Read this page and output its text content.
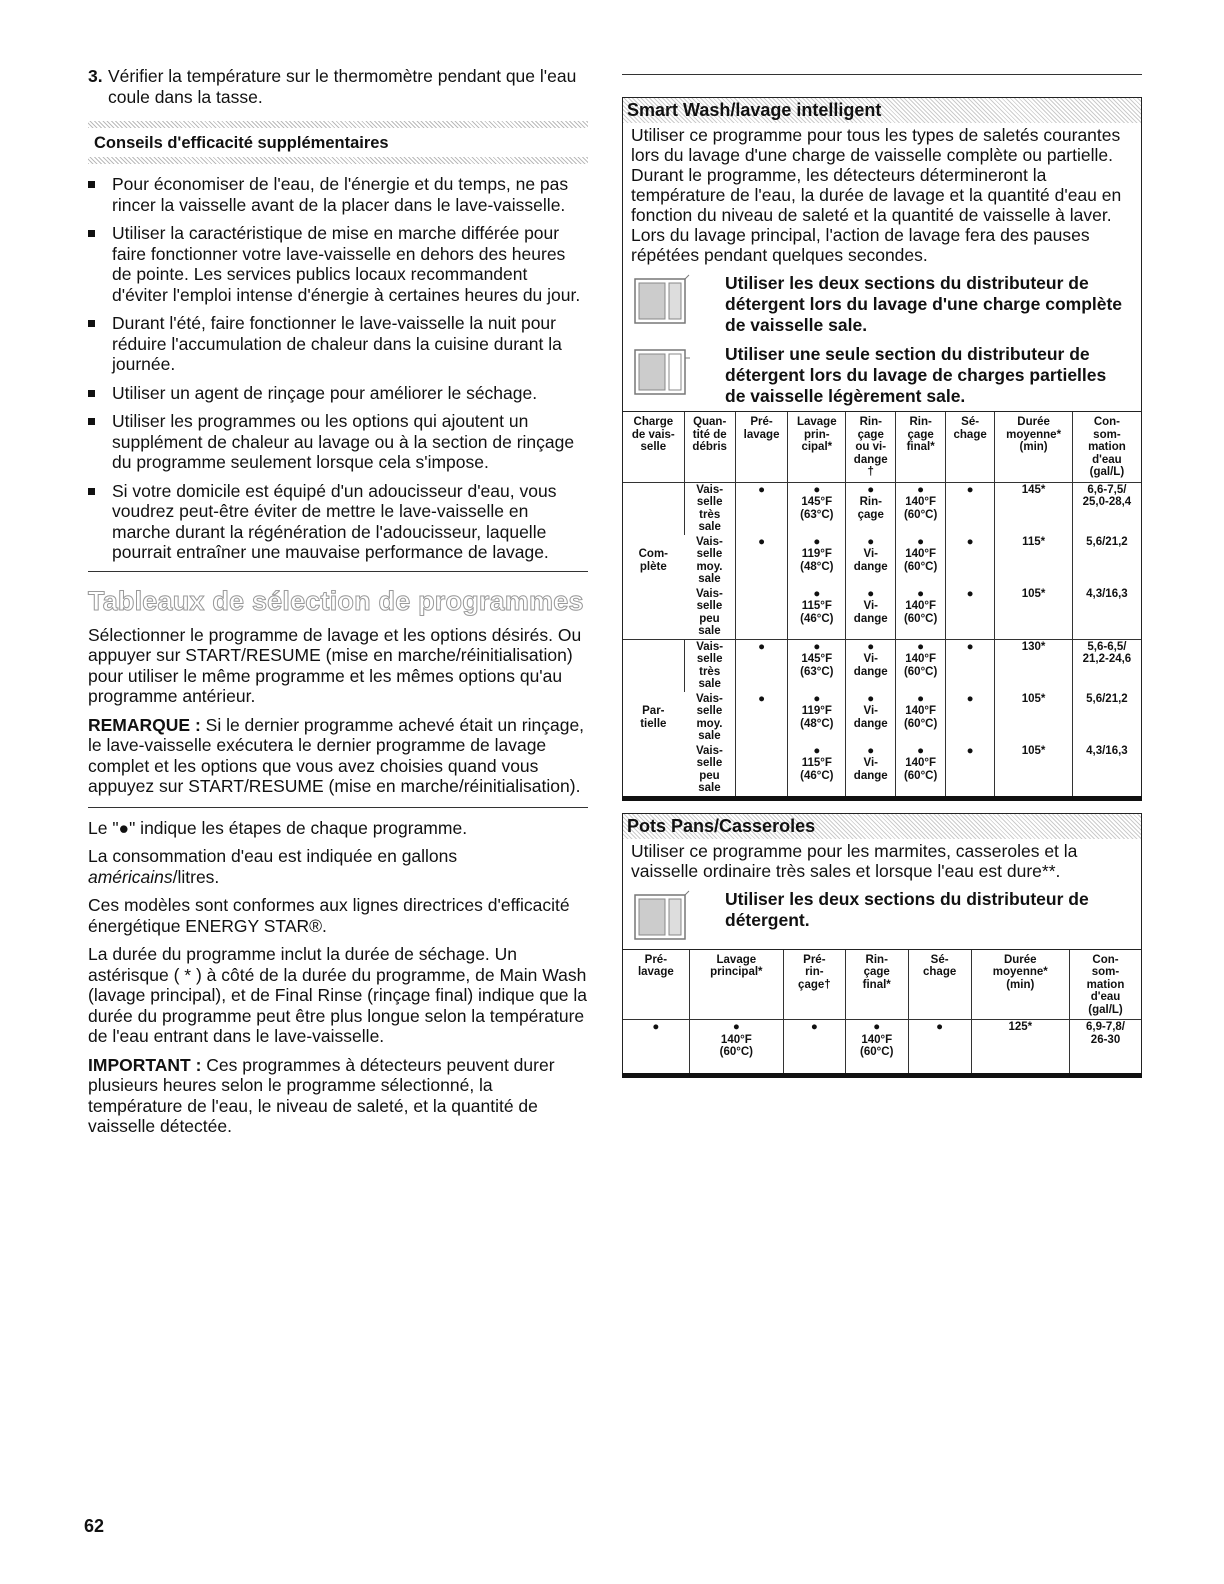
3. Vérifier la température sur le thermomètre pendant que l'eau coule dans la tasse.
Conseils d'efficacité supplémentaires
Pour économiser de l'eau, de l'énergie et du temps, ne pas rincer la vaisselle avant de la placer dans le lave-vaisselle.
Utiliser la caractéristique de mise en marche différée pour faire fonctionner votre lave-vaisselle en dehors des heures de pointe. Les services publics locaux recommandent d'éviter l'emploi intense d'énergie à certaines heures du jour.
Durant l'été, faire fonctionner le lave-vaisselle la nuit pour réduire l'accumulation de chaleur dans la cuisine durant la journée.
Utiliser un agent de rinçage pour améliorer le séchage.
Utiliser les programmes ou les options qui ajoutent un supplément de chaleur au lavage ou à la section de rinçage du programme seulement lorsque cela s'impose.
Si votre domicile est équipé d'un adoucisseur d'eau, vous voudrez peut-être éviter de mettre le lave-vaisselle en marche durant la régénération de l'adoucisseur, laquelle pourrait entraîner une mauvaise performance de lavage.
Tableaux de sélection de programmes

Sélectionner le programme de lavage et les options désirés. Ou appuyer sur START/RESUME (mise en marche/réinitialisation) pour utiliser le même programme et les mêmes options qu'au programme antérieur.

REMARQUE : Si le dernier programme achevé était un rinçage, le lave-vaisselle exécutera le dernier programme de lavage complet et les options que vous avez choisies quand vous appuyez sur START/RESUME (mise en marche/réinitialisation).

Le "●" indique les étapes de chaque programme.

La consommation d'eau est indiquée en gallons américains/litres.

Ces modèles sont conformes aux lignes directrices d'efficacité énergétique ENERGY STAR®.

La durée du programme inclut la durée de séchage. Un astérisque ( * ) à côté de la durée du programme, de Main Wash (lavage principal), et de Final Rinse (rinçage final) indique que la durée du programme peut être plus longue selon la température de l'eau entrant dans le lave-vaisselle.

IMPORTANT : Ces programmes à détecteurs peuvent durer plusieurs heures selon le programme sélectionné, la température de l'eau, le niveau de saleté, et la quantité de vaisselle détectée.

Smart Wash/lavage intelligent
Utiliser ce programme pour tous les types de saletés courantes lors du lavage d'une charge de vaisselle complète ou partielle. Durant le programme, les détecteurs détermineront la température de l'eau, la durée de lavage et la quantité d'eau en fonction du niveau de saleté et la quantité de vaisselle à laver. Lors du lavage principal, l'action de lavage fera des pauses répétées pendant quelques secondes.
Utiliser les deux sections du distributeur de détergent lors du lavage d'une charge complète de vaisselle sale.
Utiliser une seule section du distributeur de détergent lors du lavage de charges partielles de vaisselle légèrement sale.
Charge
de vais-
selle	Quan-
tité de
débris	Pré-
lavage	Lavage
prin-
cipal*	Rin-
çage
ou vi-
dange
†	Rin-
çage
final*	Sé-
chage	Durée
moyenne*
(min)	Con-
som-
mation
d'eau
(gal/L)
Com-
plète	Vais-
selle
très
sale	●	●
145°F
(63°C)	●
Rin-
çage	●
140°F
(60°C)	●	145*	6,6-7,5/
25,0-28,4
	Vais-
selle
moy.
sale	●	●
119°F
(48°C)	●
Vi-
dange	●
140°F
(60°C)	●	115*	5,6/21,2
	Vais-
selle
peu
sale		●
115°F
(46°C)	●
Vi-
dange	●
140°F
(60°C)	●	105*	4,3/16,3
Par-
tielle	Vais-
selle
très
sale	●	●
145°F
(63°C)	●
Vi-
dange	●
140°F
(60°C)	●	130*	5,6-6,5/
21,2-24,6
	Vais-
selle
moy.
sale	●	●
119°F
(48°C)	●
Vi-
dange	●
140°F
(60°C)	●	105*	5,6/21,2
	Vais-
selle
peu
sale		●
115°F
(46°C)	●
Vi-
dange	●
140°F
(60°C)	●	105*	4,3/16,3
Pots Pans/Casseroles
Utiliser ce programme pour les marmites, casseroles et la vaisselle ordinaire très sales et lorsque l'eau est dure**.
Utiliser les deux sections du distributeur de détergent.
Pré-
lavage	Lavage
principal*	Pré-
rin-
çage†	Rin-
çage
final*	Sé-
chage	Durée
moyenne*
(min)	Con-
som-
mation
d'eau
(gal/L)
●	●
140°F
(60°C)	●	●
140°F
(60°C)	●	125*	6,9-7,8/
26-30
62
